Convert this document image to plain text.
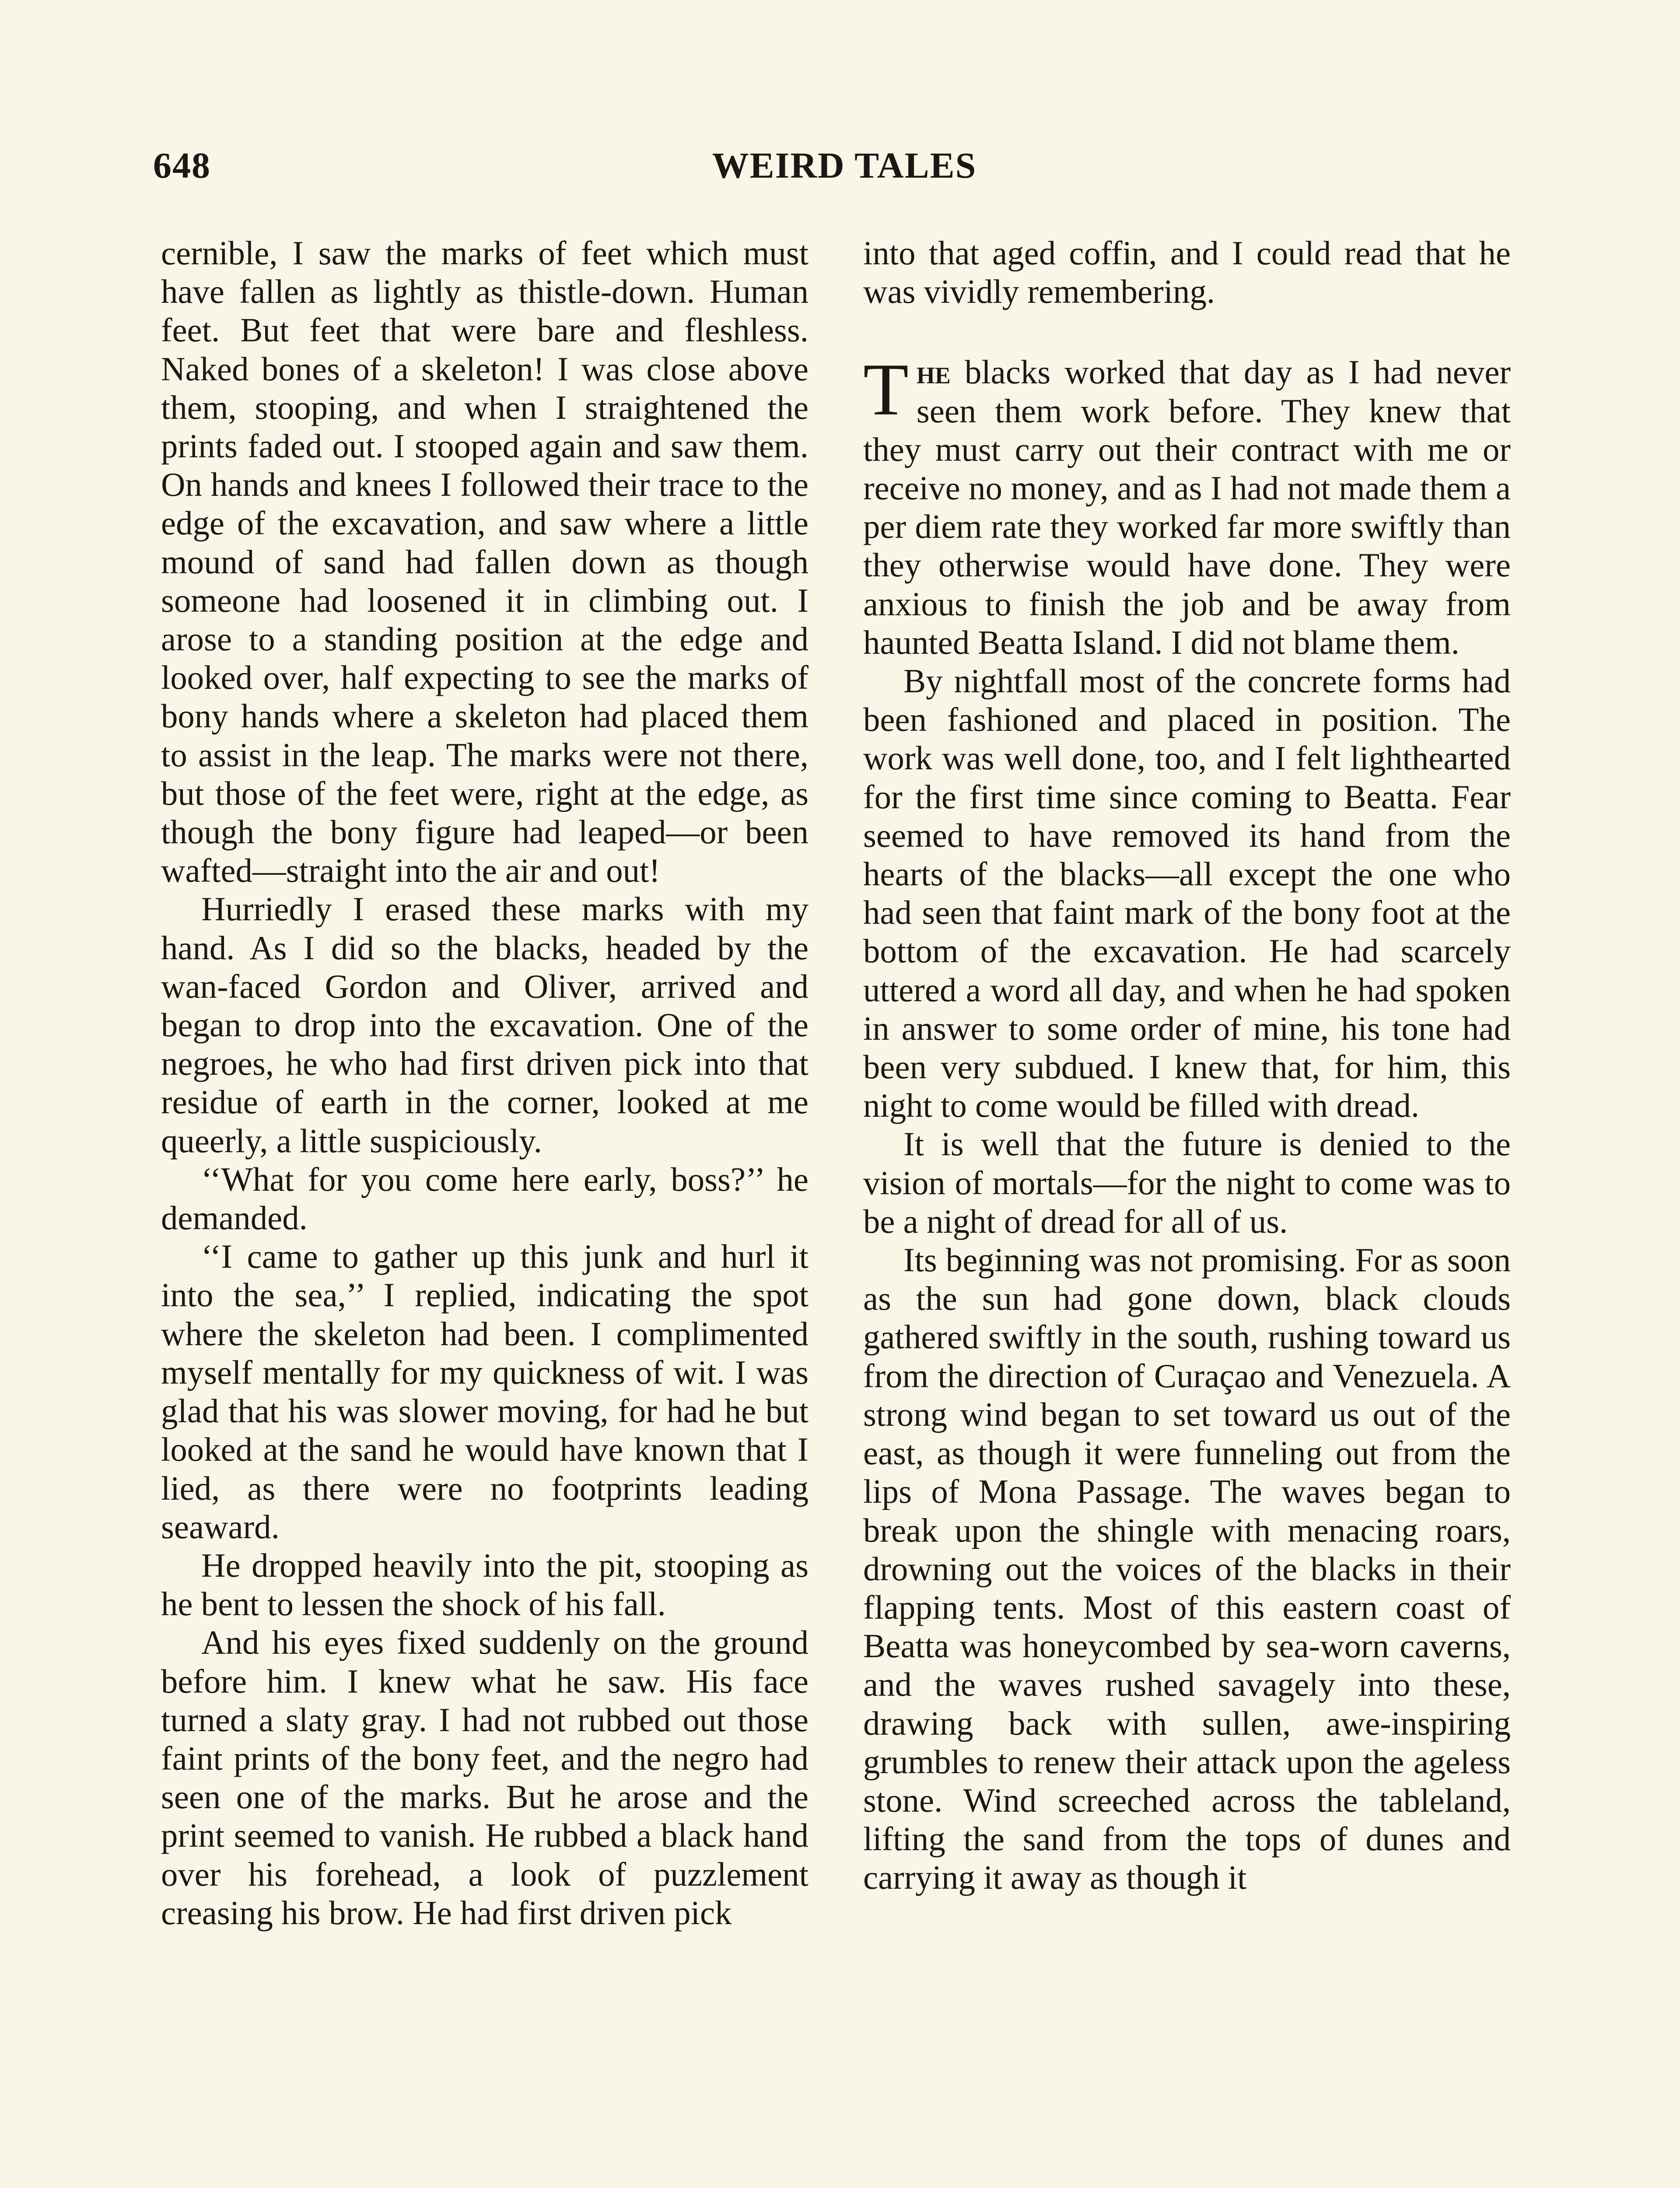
648	WEIRD TALES

cernible, I saw the marks of feet which must have fallen as lightly as thistle-down. Human feet. But feet that were bare and fleshless. Naked bones of a skeleton! I was close above them, stooping, and when I straightened the prints faded out. I stooped again and saw them. On hands and knees I followed their trace to the edge of the excavation, and saw where a little mound of sand had fallen down as though someone had loosened it in climbing out. I arose to a standing position at the edge and looked over, half expecting to see the marks of bony hands where a skeleton had placed them to assist in the leap. The marks were not there, but those of the feet were, right at the edge, as though the bony figure had leaped—or been wafted—straight into the air and out!

Hurriedly I erased these marks with my hand. As I did so the blacks, headed by the wan-faced Gordon and Oliver, arrived and began to drop into the excavation. One of the negroes, he who had first driven pick into that residue of earth in the corner, looked at me queerly, a little suspiciously.

‘‘What for you come here early, boss?’’ he demanded.

‘‘I came to gather up this junk and hurl it into the sea,’’ I replied, indicating the spot where the skeleton had been. I complimented myself mentally for my quickness of wit. I was glad that his was slower moving, for had he but looked at the sand he would have known that I lied, as there were no footprints leading seaward.

He dropped heavily into the pit, stooping as he bent to lessen the shock of his fall.

And his eyes fixed suddenly on the ground before him. I knew what he saw. His face turned a slaty gray. I had not rubbed out those faint prints of the bony feet, and the negro had seen one of the marks. But he arose and the print seemed to vanish. He rubbed a black hand over his forehead, a look of puzzlement creasing his brow. He had first driven pick

into that aged coffin, and I could read that he was vividly remembering.

The blacks worked that day as I had never seen them work before. They knew that they must carry out their contract with me or receive no money, and as I had not made them a per diem rate they worked far more swiftly than they otherwise would have done. They were anxious to finish the job and be away from haunted Beatta Island. I did not blame them.

By nightfall most of the concrete forms had been fashioned and placed in position. The work was well done, too, and I felt lighthearted for the first time since coming to Beatta. Fear seemed to have removed its hand from the hearts of the blacks—all except the one who had seen that faint mark of the bony foot at the bottom of the excavation. He had scarcely uttered a word all day, and when he had spoken in answer to some order of mine, his tone had been very subdued. I knew that, for him, this night to come would be filled with dread.

It is well that the future is denied to the vision of mortals—for the night to come was to be a night of dread for all of us.

Its beginning was not promising. For as soon as the sun had gone down, black clouds gathered swiftly in the south, rushing toward us from the direction of Curaçao and Venezuela. A strong wind began to set toward us out of the east, as though it were funneling out from the lips of Mona Passage. The waves began to break upon the shingle with menacing roars, drowning out the voices of the blacks in their flapping tents. Most of this eastern coast of Beatta was honeycombed by sea-worn caverns, and the waves rushed savagely into these, drawing back with sullen, awe-inspiring grumbles to renew their attack upon the ageless stone. Wind screeched across the tableland, lifting the sand from the tops of dunes and carrying it away as though it
